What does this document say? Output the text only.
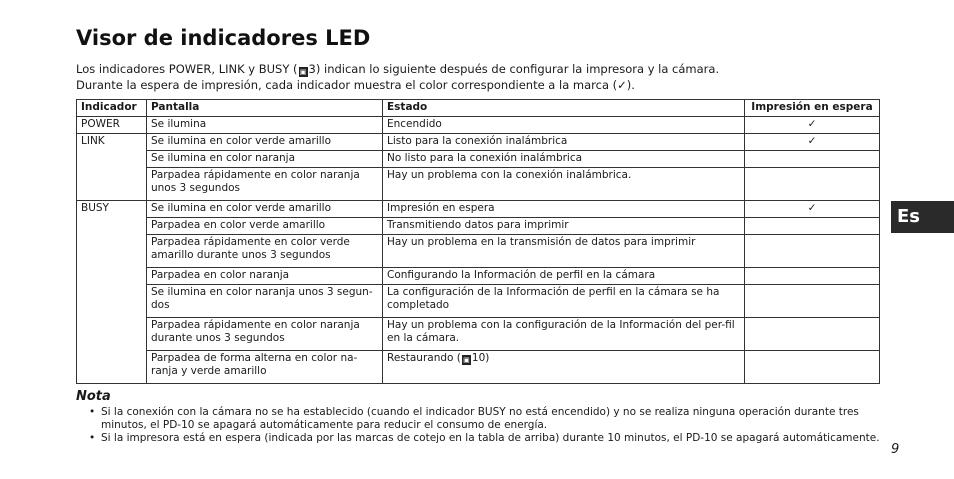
Visor de indicadores LED
Los indicadores POWER, LINK y BUSY ( ▣ 3) indican lo siguiente después de configurar la impresora y la cámara.
Durante la espera de impresión, cada indicador muestra el color correspondiente a la marca (✓).
Indicador	Pantalla	Estado	Impresión en espera
POWER	Se ilumina	Encendido	✓
LINK	Se ilumina en color verde amarillo	Listo para la conexión inalámbrica	✓
	Se ilumina en color naranja	No listo para la conexión inalámbrica	
	Parpadea rápidamente en color naranja unos 3 segundos	Hay un problema con la conexión inalámbrica.	
BUSY	Se ilumina en color verde amarillo	Impresión en espera	✓
	Parpadea en color verde amarillo	Transmitiendo datos para imprimir	
	Parpadea rápidamente en color verde amarillo durante unos 3 segundos	Hay un problema en la transmisión de datos para imprimir	
	Parpadea en color naranja	Configurando la Información de perfil en la cámara	
	Se ilumina en color naranja unos 3 segun-dos	La configuración de la Información de perfil en la cámara se ha completado	
	Parpadea rápidamente en color naranja durante unos 3 segundos	Hay un problema con la configuración de la Información del per-fil en la cámara.	
	Parpadea de forma alterna en color na-ranja y verde amarillo	Restaurando ( ▣ 10)	

Nota

• Si la conexión con la cámara no se ha establecido (cuando el indicador BUSY no está encendido) y no se realiza ninguna operación durante tres minutos, el PD-10 se apagará automáticamente para reducir el consumo de energía.
• Si la impresora está en espera (indicada por las marcas de cotejo en la tabla de arriba) durante 10 minutos, el PD-10 se apagará automáticamente.
Es
9
